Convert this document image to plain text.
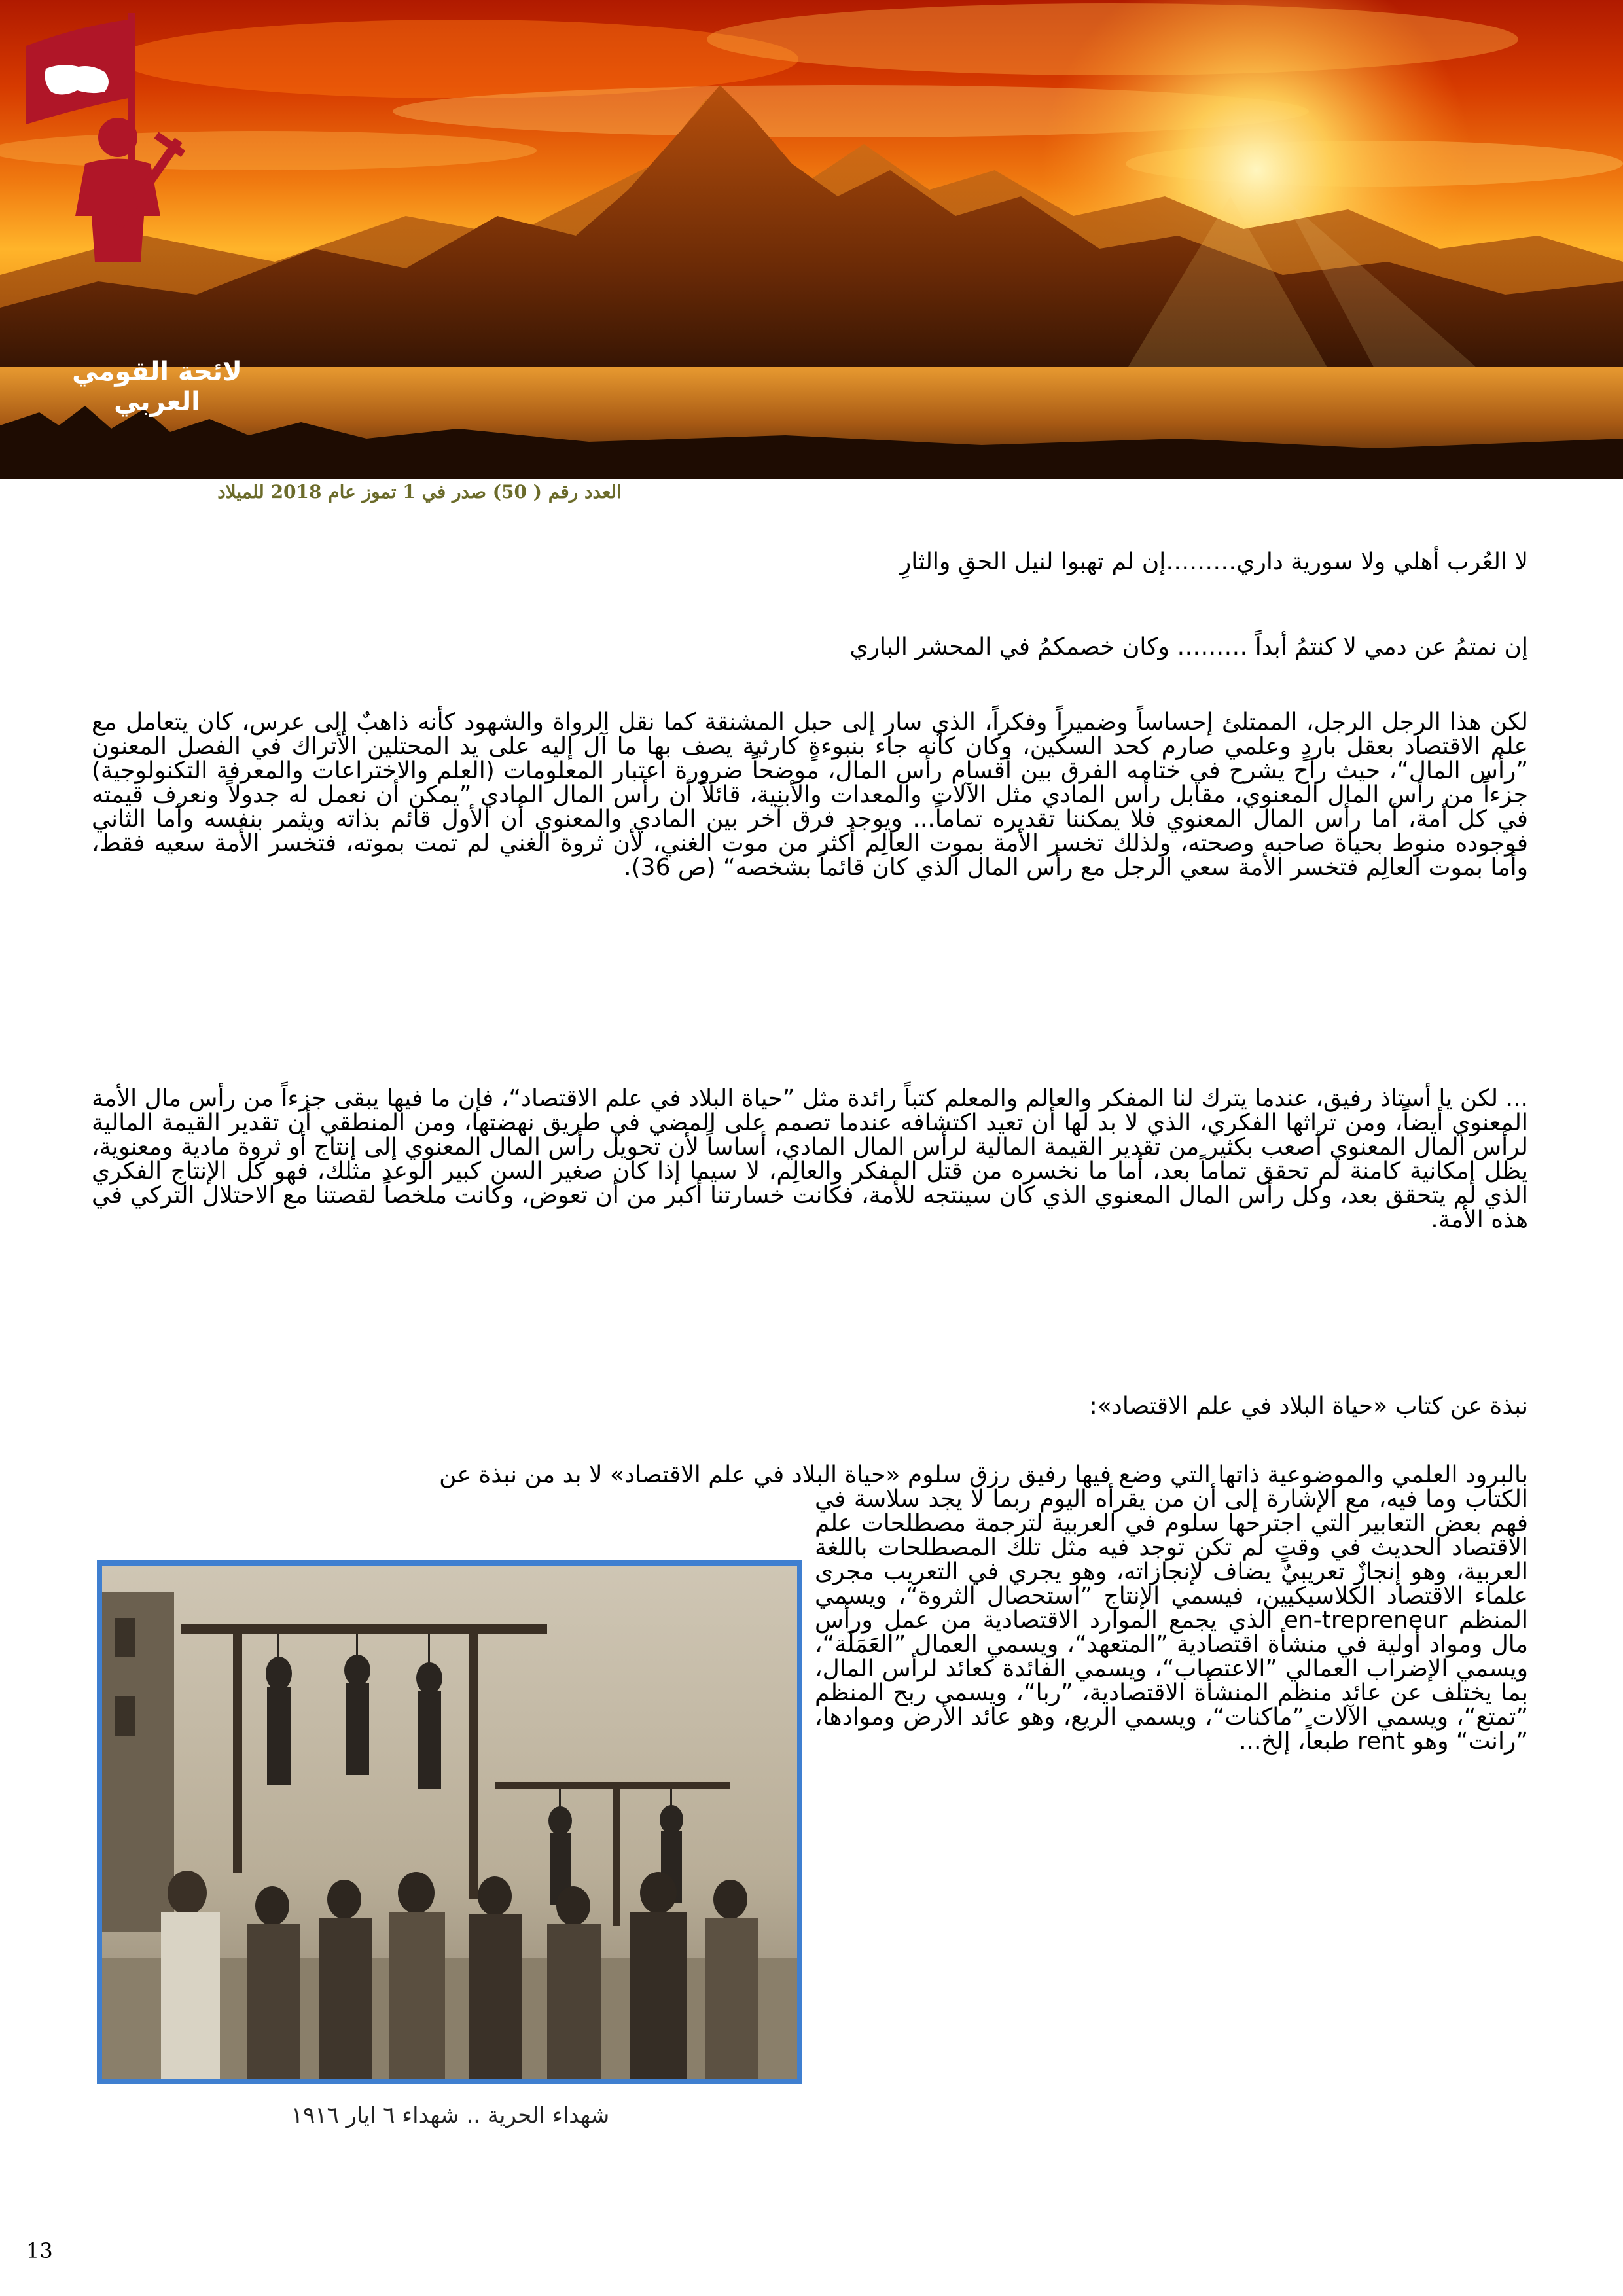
لائحة القومي العربي
العدد رقم ( 50) صدر في 1 تموز عام 2018 للميلاد
لا العُرب أهلي ولا سورية داري………إن لم تهبوا لنيل الحقِ والثارِ
إن نمتمُ عن دمي لا كنتمُ أبداً ……… وكان خصمكمُ في المحشر الباري
لكن هذا الرجل الرجل، الممتلئ إحساساً وضميراً وفكراً، الذي سار إلى حبل المشنقة كما نقل الرواة والشهود كأنه ذاهبٌ إلى عرس، كان يتعامل مع علم الاقتصاد بعقل باردٍ وعلمي صارم كحد السكين، وكان كأنه جاء بنبوءةٍ كارثية يصف بها ما آل إليه على يد المحتلين الأتراك في الفصل المعنون ”رأس المال“، حيث راح يشرح في ختامه الفرق بين أقسام رأس المال، موضحاً ضرورة اعتبار المعلومات (العلم والاختراعات والمعرفة التكنولوجية) جزءاً من رأس المال المعنوي، مقابل رأس المادي مثل الآلات والمعدات والأبنية، قائلاً أن رأس المال المادي ”يمكن أن نعمل له جدولاً ونعرف قيمته في كل أمة، أما رأس المال المعنوي فلا يمكننا تقديره تماماً... ويوجد فرق آخر بين المادي والمعنوي أن الأول قائم بذاته ويثمر بنفسه وأما الثاني فوجوده منوط بحياة صاحبه وصحته، ولذلك تخسر الأمة بموت العالِم أكثر من موت الغني، لأن ثروة الغني لم تمت بموته، فتخسر الأمة سعيه فقط، وأما بموت العالِم فتخسر الأمة سعي الرجل مع رأس المال الذي كان قائماً بشخصه“ (ص 36).
... لكن يا أستاذ رفيق، عندما يترك لنا المفكر والعالم والمعلم كتباً رائدة مثل ”حياة البلاد في علم الاقتصاد“، فإن ما فيها يبقى جزءاً من رأس مال الأمة المعنوي أيضاً، ومن تراثها الفكري، الذي لا بد لها أن تعيد اكتشافه عندما تصمم على المضي في طريق نهضتها، ومن المنطقي أن تقدير القيمة المالية لرأس المال المعنوي أصعب بكثير من تقدير القيمة المالية لرأس المال المادي، أساساً لأن تحويل رأس المال المعنوي إلى إنتاج أو ثروة مادية ومعنوية، يظل إمكانية كامنة لم تحقق تماماً بعد، أما ما نخسره من قتل المفكر والعالِم، لا سيما إذا كان صغير السن كبير الوعد مثلك، فهو كل الإنتاج الفكري الذي لم يتحقق بعد، وكل رأس المال المعنوي الذي كان سينتجه للأمة، فكانت خسارتنا أكبر من أن تعوض، وكانت ملخصاً لقصتنا مع الاحتلال التركي في هذه الأمة.
نبذة عن كتاب «حياة البلاد في علم الاقتصاد»:
بالبرود العلمي والموضوعية ذاتها التي وضع فيها رفيق رزق سلوم «حياة البلاد في علم الاقتصاد» لا بد من نبذة عن
الكتاب وما فيه، مع الإشارة إلى أن من يقرأه اليوم ربما لا يجد سلاسة في فهم بعض التعابير التي اجترحها سلوم في العربية لترجمة مصطلحات علم الاقتصاد الحديث في وقتٍ لم تكن توجد فيه مثل تلك المصطلحات باللغة العربية، وهو إنجازٌ تعريبيٌ يضاف لإنجازاته، وهو يجري في التعريب مجرى علماء الاقتصاد الكلاسيكيين، فيسمي الإنتاج ”استحصال الثروة“، ويسمي المنظم en-trepreneur الذي يجمع الموارد الاقتصادية من عمل ورأس مال ومواد أولية في منشأة اقتصادية ”المتعهد“، ويسمي العمال ”العَمَلَة“، ويسمي الإضراب العمالي ”الاعتصاب“، ويسمي الفائدة كعائد لرأس المال، بما يختلف عن عائد منظم المنشأة الاقتصادية، ”ربا“، ويسمى ربح المنظم ”تمتع“، ويسمي الآلات ”ماكنات“، ويسمي الريع، وهو عائد الأرض وموادها، ”رانت“ وهو rent طبعاً، إلخ...
شهداء الحرية .. شهداء ٦ ايار ١٩١٦
13
